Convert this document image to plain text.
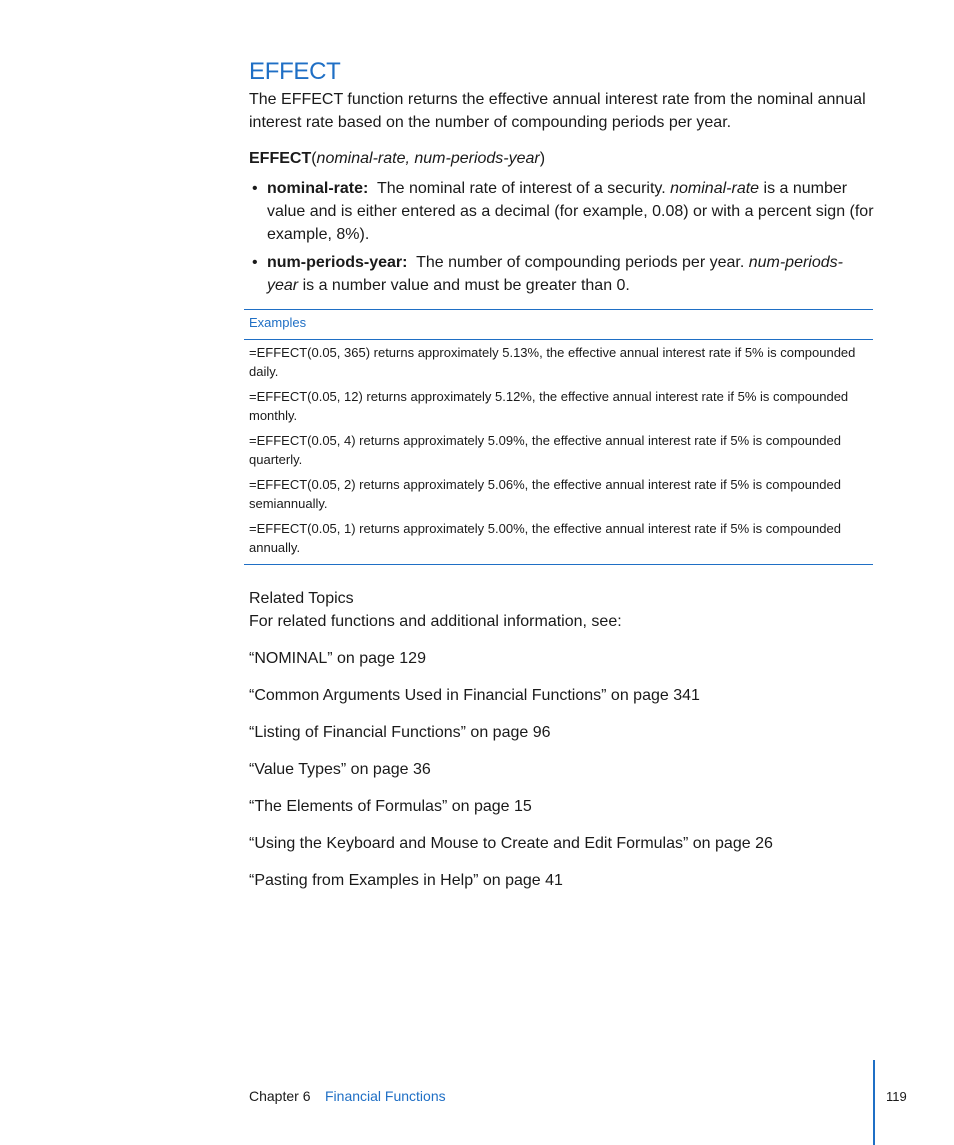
EFFECT

The EFFECT function returns the effective annual interest rate from the nominal annual interest rate based on the number of compounding periods per year.

EFFECT(nominal-rate, num-periods-year)
• nominal-rate: The nominal rate of interest of a security. nominal-rate is a number value and is either entered as a decimal (for example, 0.08) or with a percent sign (for example, 8%).
• num-periods-year: The number of compounding periods per year. num-periods-year is a number value and must be greater than 0.
Examples
=EFFECT(0.05, 365) returns approximately 5.13%, the effective annual interest rate if 5% is compounded daily.
=EFFECT(0.05, 12) returns approximately 5.12%, the effective annual interest rate if 5% is compounded monthly.
=EFFECT(0.05, 4) returns approximately 5.09%, the effective annual interest rate if 5% is compounded quarterly.
=EFFECT(0.05, 2) returns approximately 5.06%, the effective annual interest rate if 5% is compounded semiannually.
=EFFECT(0.05, 1) returns approximately 5.00%, the effective annual interest rate if 5% is compounded annually.
Related Topics
For related functions and additional information, see:
“NOMINAL” on page 129
“Common Arguments Used in Financial Functions” on page 341
“Listing of Financial Functions” on page 96
“Value Types” on page 36
“The Elements of Formulas” on page 15
“Using the Keyboard and Mouse to Create and Edit Formulas” on page 26
“Pasting from Examples in Help” on page 41
Chapter 6 Financial Functions	119
